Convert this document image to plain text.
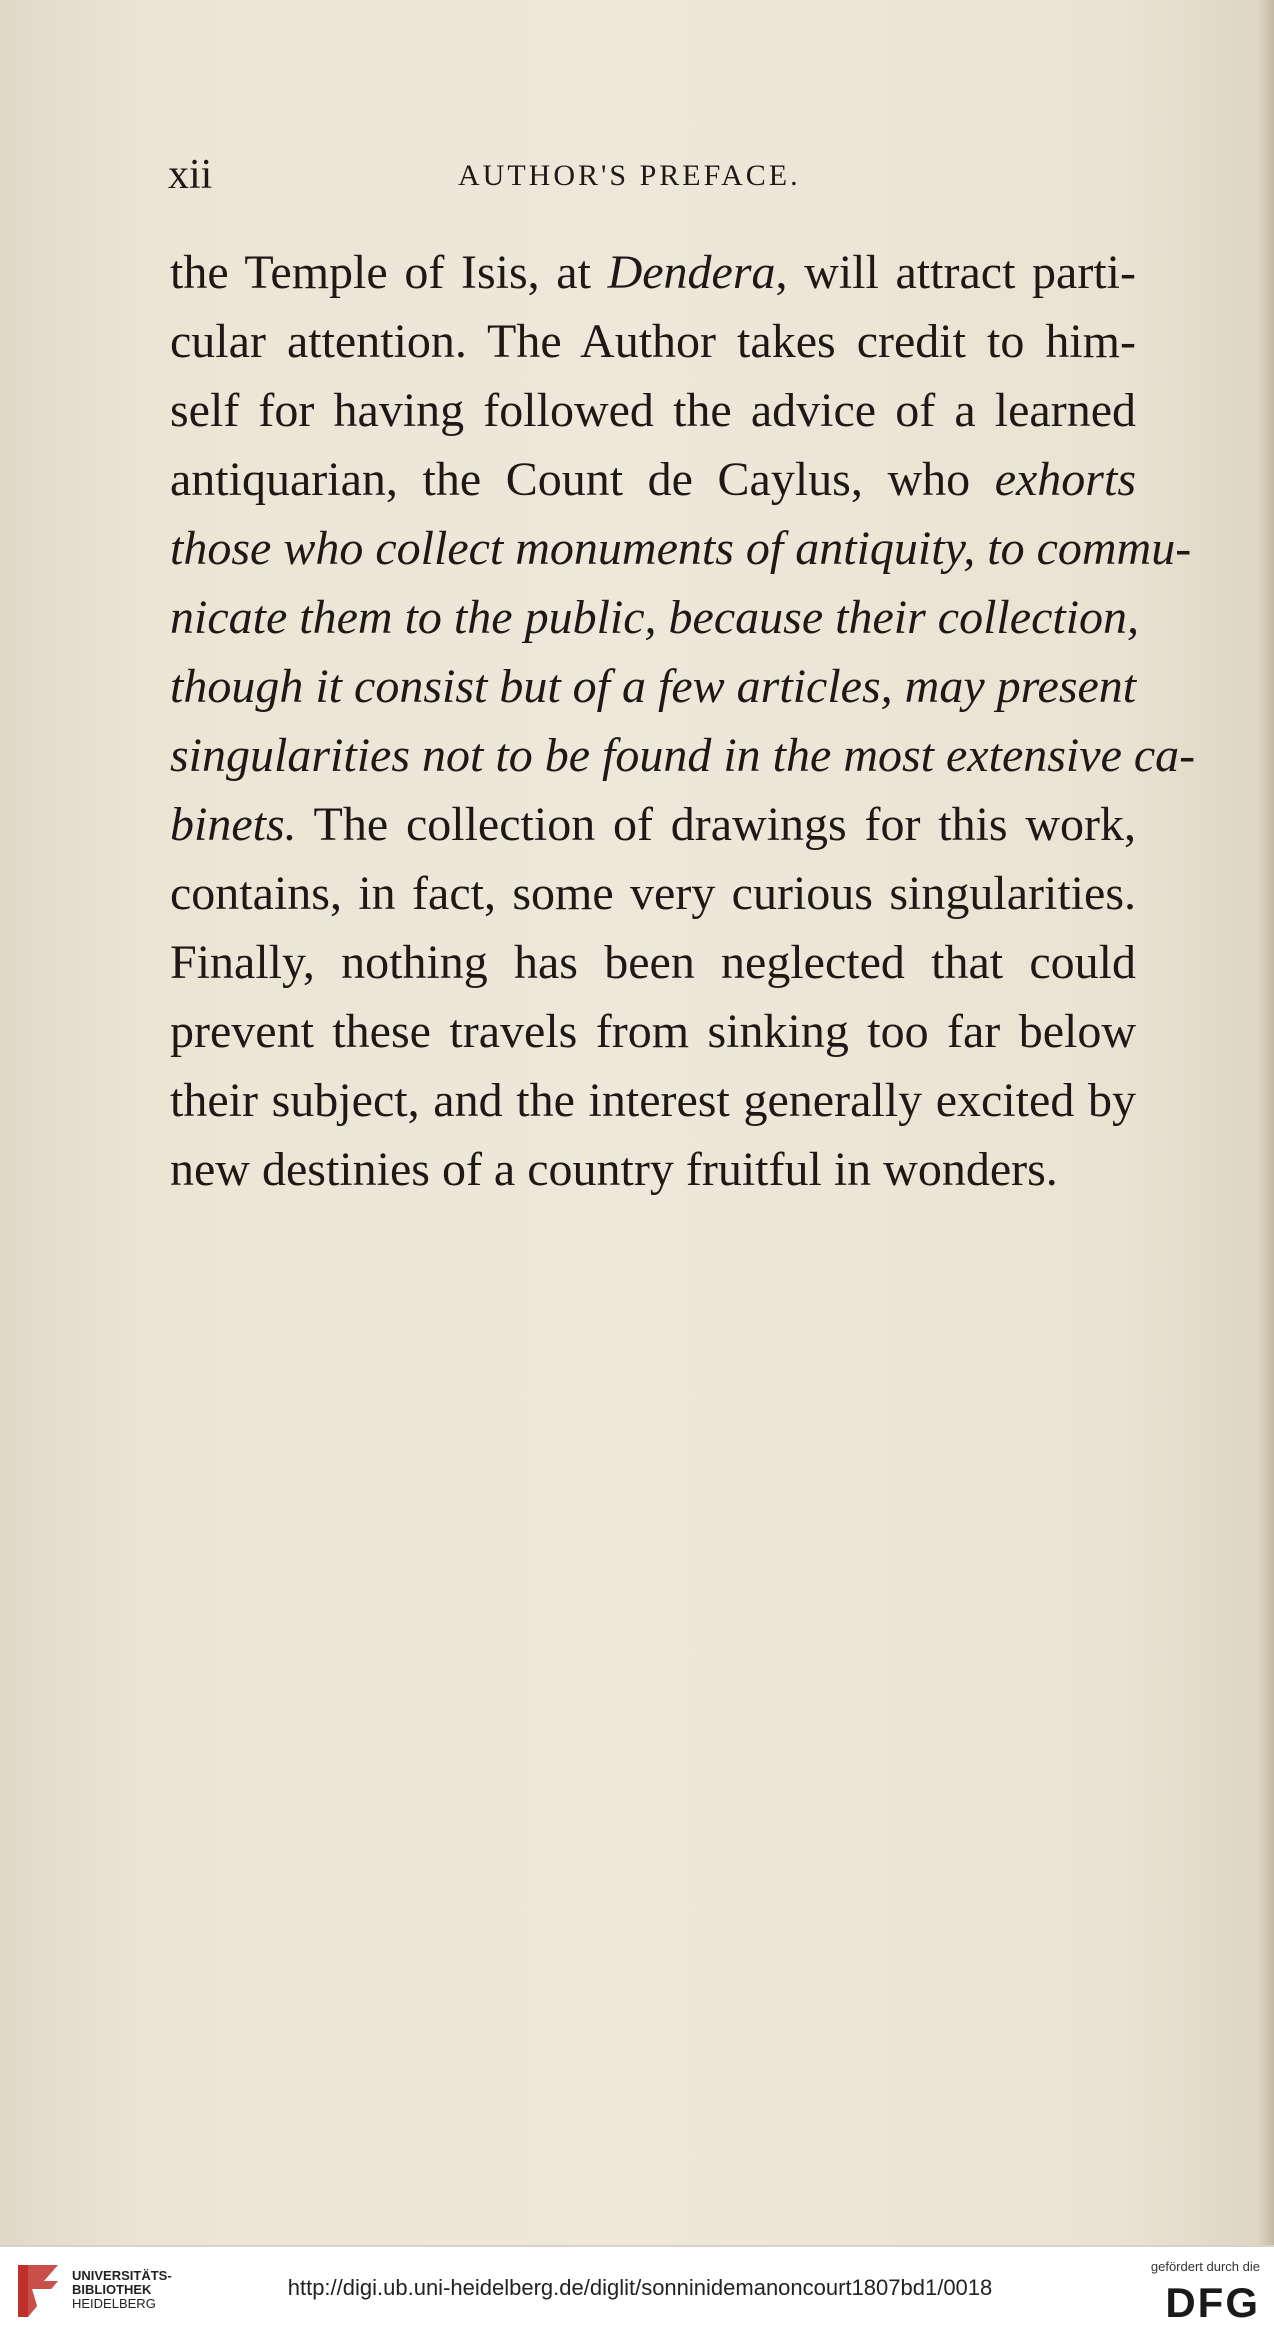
xii	AUTHOR'S PREFACE.
the Temple of Isis, at Dendera, will attract parti-
cular attention. The Author takes credit to him-
self for having followed the advice of a learned
antiquarian, the Count de Caylus, who exhorts
those who collect monuments of antiquity, to commu-
nicate them to the public, because their collection,
though it consist but of a few articles, may present
singularities not to be found in the most extensive ca-
binets. The collection of drawings for this work,
contains, in fact, some very curious singularities.
Finally, nothing has been neglected that could
prevent these travels from sinking too far below
their subject, and the interest generally excited by
new destinies of a country fruitful in wonders.
UNIVERSITÄTS-
BIBLIOTHEK
HEIDELBERG
http://digi.ub.uni-heidelberg.de/diglit/sonninidemanoncourt1807bd1/0018
gefördert durch die
DFG
